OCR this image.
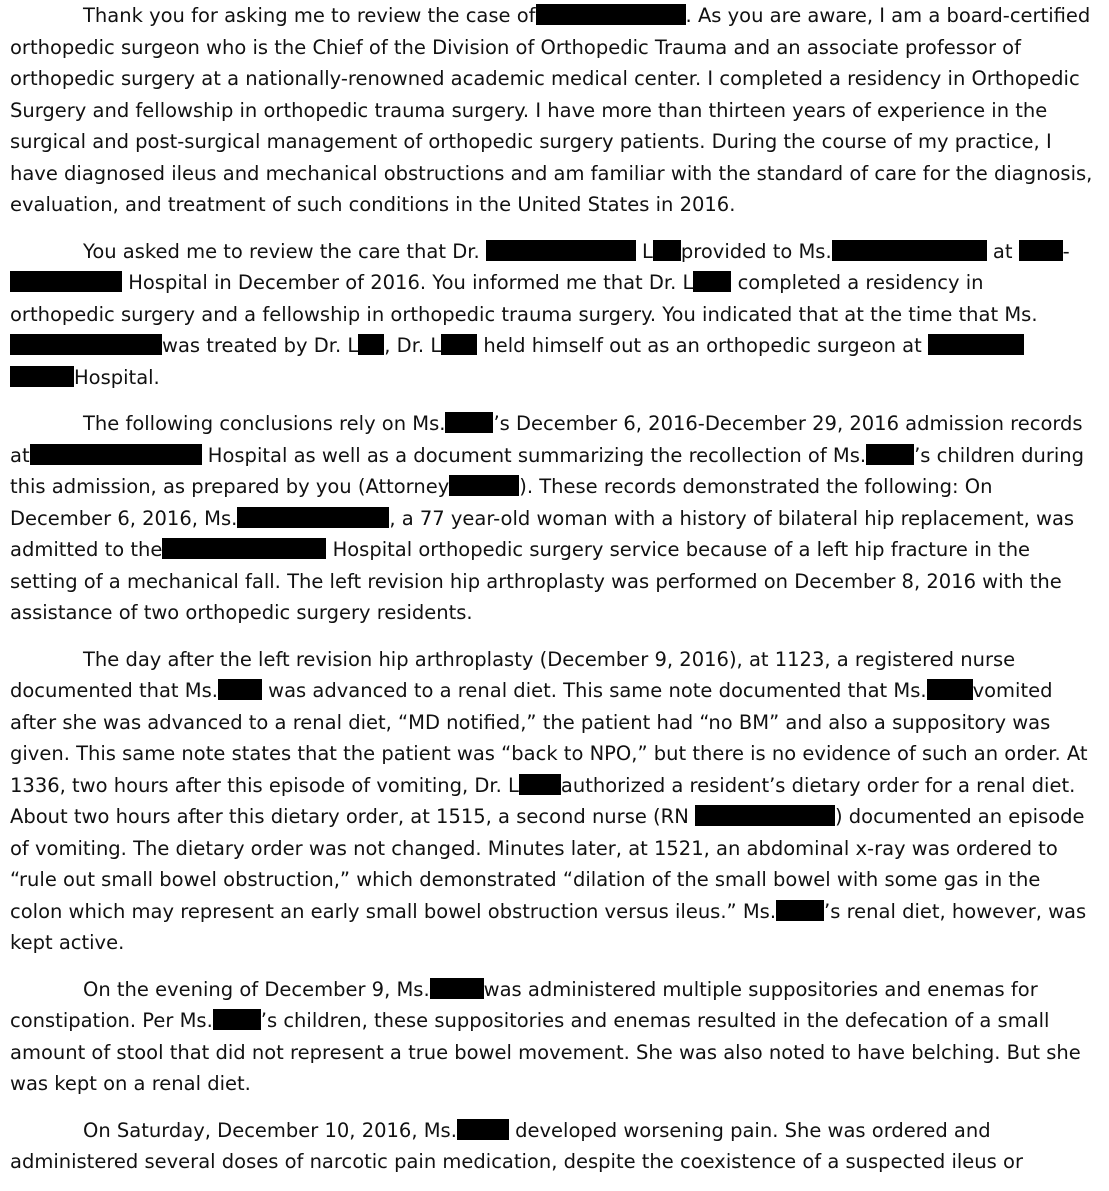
Thank you for asking me to review the case of	. As you are aware, I am a board-certified
orthopedic surgeon who is the Chief of the Division of Orthopedic Trauma and an associate professor of
orthopedic surgery at a nationally-renowned academic medical center. I completed a residency in Orthopedic
Surgery and fellowship in orthopedic trauma surgery. I have more than thirteen years of experience in the
surgical and post-surgical management of orthopedic surgery patients. During the course of my practice, I
have diagnosed ileus and mechanical obstructions and am familiar with the standard of care for the diagnosis,
evaluation, and treatment of such conditions in the United States in 2016.
You asked me to review the care that Dr.	L provided to Ms.	at -
Hospital in December of 2016. You informed me that Dr. L completed a residency in
orthopedic surgery and a fellowship in orthopedic trauma surgery. You indicated that at the time that Ms.
was treated by Dr. L , Dr. L held himself out as an orthopedic surgeon at
Hospital.
The following conclusions rely on Ms. ’s December 6, 2016-December 29, 2016 admission records
at	Hospital as well as a document summarizing the recollection of Ms. ’s children during
this admission, as prepared by you (Attorney	). These records demonstrated the following: On
December 6, 2016, Ms.	, a 77 year-old woman with a history of bilateral hip replacement, was
admitted to the	Hospital orthopedic surgery service because of a left hip fracture in the
setting of a mechanical fall. The left revision hip arthroplasty was performed on December 8, 2016 with the
assistance of two orthopedic surgery residents.
The day after the left revision hip arthroplasty (December 9, 2016), at 1123, a registered nurse
documented that Ms. was advanced to a renal diet. This same note documented that Ms. vomited
after she was advanced to a renal diet, “MD notified,” the patient had “no BM” and also a suppository was
given. This same note states that the patient was “back to NPO,” but there is no evidence of such an order. At
1336, two hours after this episode of vomiting, Dr. L authorized a resident’s dietary order for a renal diet.
About two hours after this dietary order, at 1515, a second nurse (RN	) documented an episode
of vomiting. The dietary order was not changed. Minutes later, at 1521, an abdominal x-ray was ordered to
“rule out small bowel obstruction,” which demonstrated “dilation of the small bowel with some gas in the
colon which may represent an early small bowel obstruction versus ileus.” Ms. ’s renal diet, however, was
kept active.
On the evening of December 9, Ms.	was administered multiple suppositories and enemas for
constipation. Per Ms. ’s children, these suppositories and enemas resulted in the defecation of a small
amount of stool that did not represent a true bowel movement. She was also noted to have belching. But she
was kept on a renal diet.
On Saturday, December 10, 2016, Ms.	developed worsening pain. She was ordered and
administered several doses of narcotic pain medication, despite the coexistence of a suspected ileus or
